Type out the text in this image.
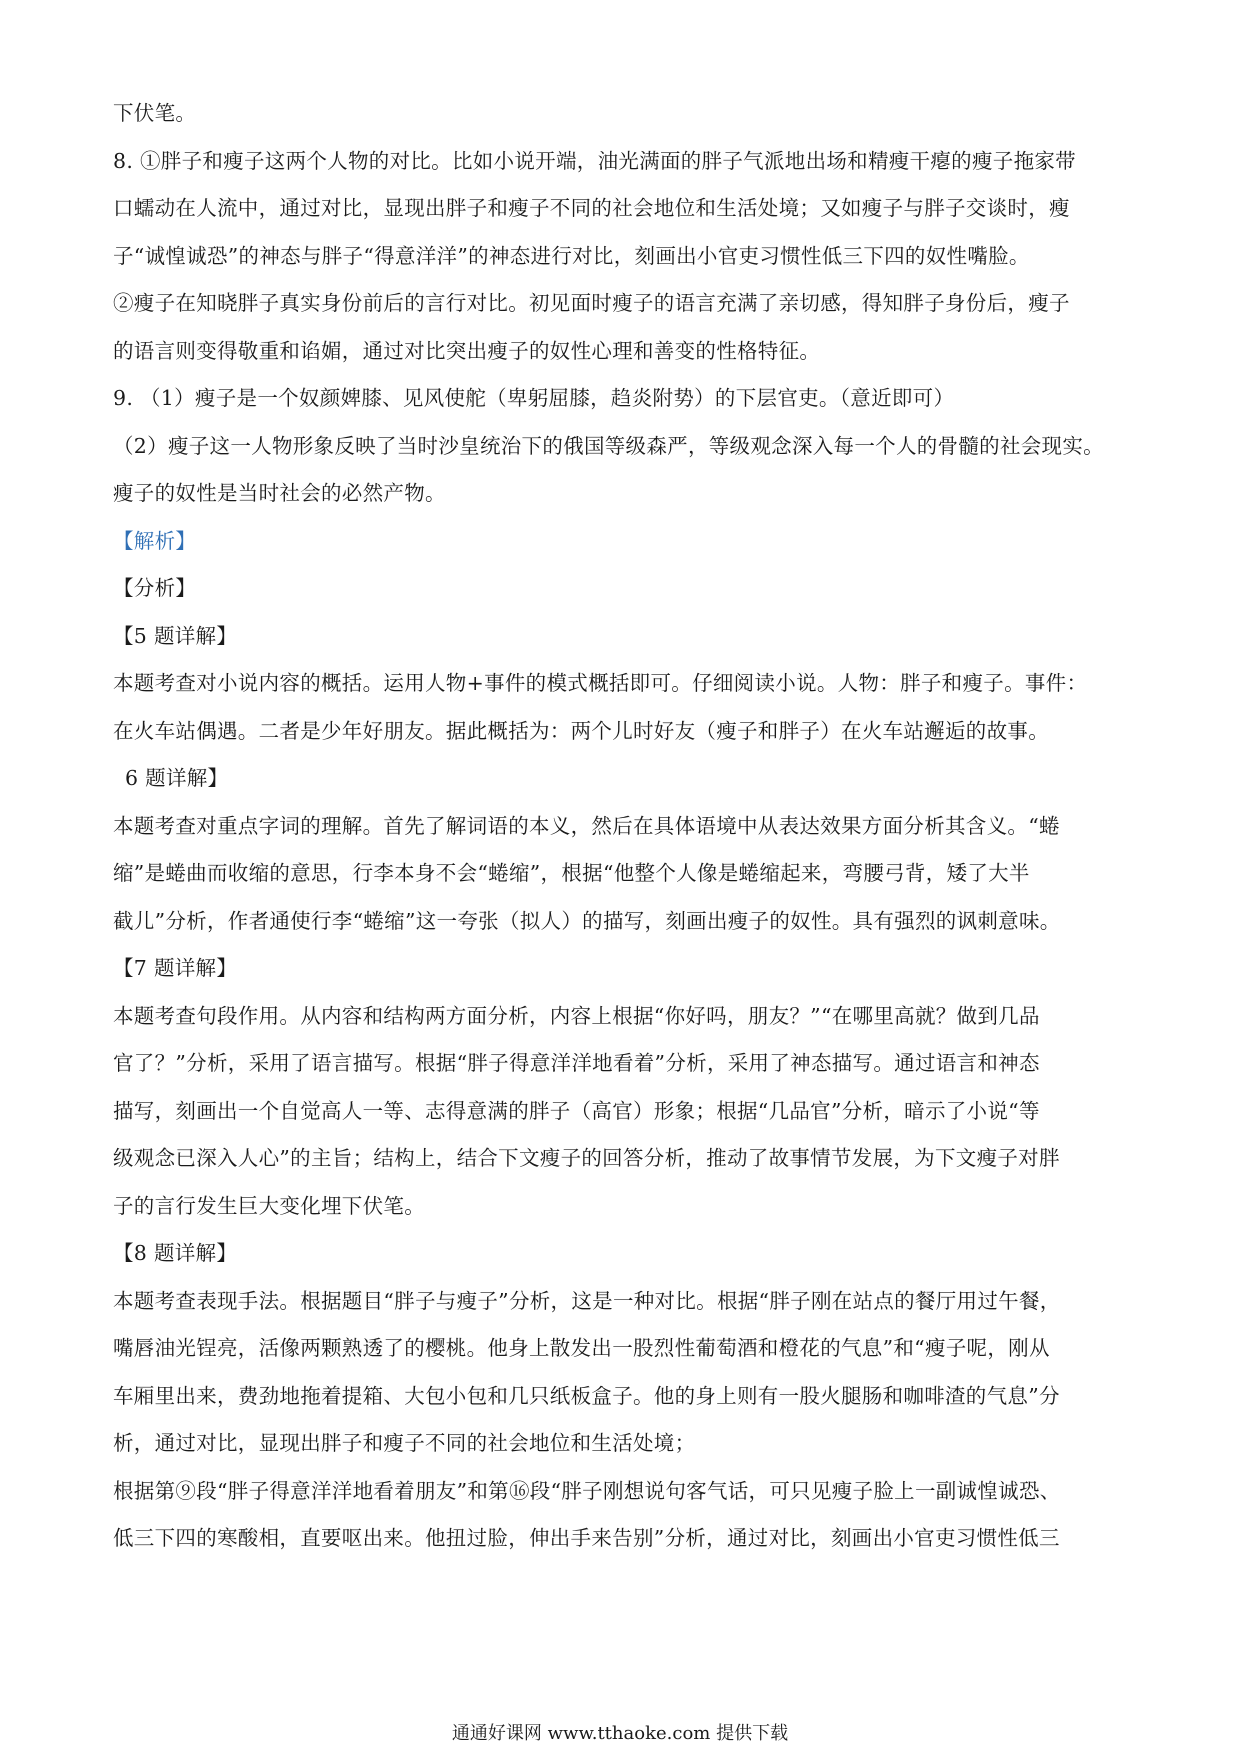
下伏笔。
8. ①胖子和瘦子这两个人物的对比。比如小说开端，油光满面的胖子气派地出场和精瘦干瘪的瘦子拖家带
口蠕动在人流中，通过对比，显现出胖子和瘦子不同的社会地位和生活处境；又如瘦子与胖子交谈时，瘦
子“诚惶诚恐”的神态与胖子“得意洋洋”的神态进行对比，刻画出小官吏习惯性低三下四的奴性嘴脸。
②瘦子在知晓胖子真实身份前后的言行对比。初见面时瘦子的语言充满了亲切感，得知胖子身份后，瘦子
的语言则变得敬重和谄媚，通过对比突出瘦子的奴性心理和善变的性格特征。
9. （1）瘦子是一个奴颜婢膝、见风使舵（卑躬屈膝，趋炎附势）的下层官吏。（意近即可）
（2）瘦子这一人物形象反映了当时沙皇统治下的俄国等级森严，等级观念深入每一个人的骨髓的社会现实。
瘦子的奴性是当时社会的必然产物。
【解析】
【分析】
【5 题详解】
本题考查对小说内容的概括。运用人物+事件的模式概括即可。仔细阅读小说。人物：胖子和瘦子。事件：
在火车站偶遇。二者是少年好朋友。据此概括为：两个儿时好友（瘦子和胖子）在火车站邂逅的故事。
6 题详解】
本题考查对重点字词的理解。首先了解词语的本义，然后在具体语境中从表达效果方面分析其含义。“蜷
缩”是蜷曲而收缩的意思，行李本身不会“蜷缩”，根据“他整个人像是蜷缩起来，弯腰弓背，矮了大半
截儿”分析，作者通使行李“蜷缩”这一夸张（拟人）的描写，刻画出瘦子的奴性。具有强烈的讽刺意味。
【7 题详解】
本题考查句段作用。从内容和结构两方面分析，内容上根据“你好吗，朋友？”“在哪里高就？做到几品
官了？”分析，采用了语言描写。根据“胖子得意洋洋地看着”分析，采用了神态描写。通过语言和神态
描写，刻画出一个自觉高人一等、志得意满的胖子（高官）形象；根据“几品官”分析，暗示了小说“等
级观念已深入人心”的主旨；结构上，结合下文瘦子的回答分析，推动了故事情节发展，为下文瘦子对胖
子的言行发生巨大变化埋下伏笔。
【8 题详解】
本题考查表现手法。根据题目“胖子与瘦子”分析，这是一种对比。根据“胖子刚在站点的餐厅用过午餐，
嘴唇油光锃亮，活像两颗熟透了的樱桃。他身上散发出一股烈性葡萄酒和橙花的气息”和“瘦子呢，刚从
车厢里出来，费劲地拖着提箱、大包小包和几只纸板盒子。他的身上则有一股火腿肠和咖啡渣的气息”分
析，通过对比，显现出胖子和瘦子不同的社会地位和生活处境；
根据第⑨段“胖子得意洋洋地看着朋友”和第⑯段“胖子刚想说句客气话，可只见瘦子脸上一副诚惶诚恐、
低三下四的寒酸相，直要呕出来。他扭过脸，伸出手来告别”分析，通过对比，刻画出小官吏习惯性低三
通通好课网 www.tthaoke.com 提供下载
